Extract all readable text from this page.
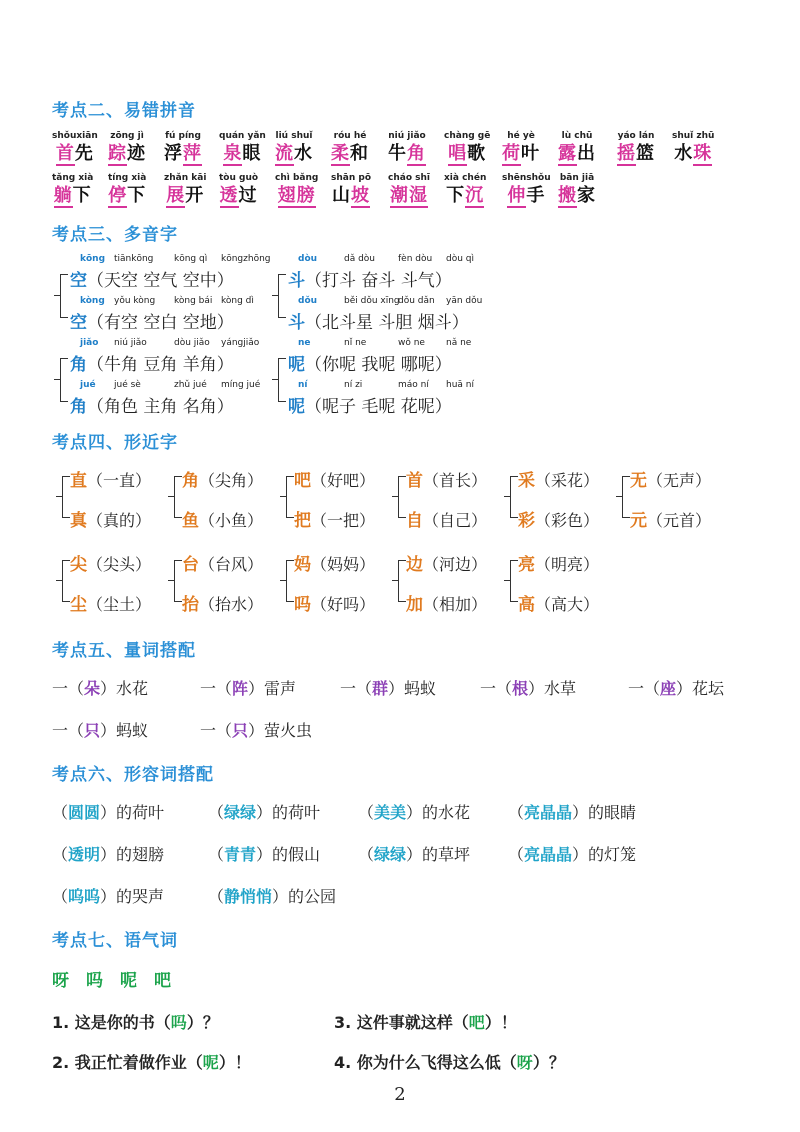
考点二、易错拼音
考点三、多音字
考点四、形近字
考点五、量词搭配
考点六、形容词搭配
考点七、语气词
shǒuxiān
首先
zōng jì
踪迹
fú píng
浮萍
quán yǎn
泉眼
liú shuǐ
流水
róu hé
柔和
niú jiǎo
牛角
chàng gē
唱歌
hé yè
荷叶
lù chū
露出
yáo lán
摇篮
shuǐ zhū
水珠
tǎng xià
躺下
tíng xià
停下
zhǎn kāi
展开
tòu guò
透过
chì bǎng
翅膀
shān pō
山坡
cháo shī
潮湿
xià chén
下沉
shēnshǒu
伸手
bān jiā
搬家
kōng tiānkōng kōng qì kōngzhōng
空（天空 空气 空中）
kòng yǒu kòng kòng bái kòng dì
空（有空 空白 空地）
dòu	dǎ dòu	fèn dòu dòu qì
斗（打斗 奋斗 斗气）
dǒu	běi dǒu xīng
dǒu dǎn yān dǒu
斗（北斗星 斗胆 烟斗）
jiǎo niú jiǎo	dòu jiǎo yángjiǎo
角（牛角 豆角 羊角）
jué jué sè	zhǔ jué míng jué
角（角色 主角 名角）
ne	nǐ ne	wǒ ne nǎ ne
呢（你呢 我呢 哪呢）
ní	ní zi	máo ní huā ní
呢（呢子 毛呢 花呢）
直（一直）
真（真的）
角（尖角）
鱼（小鱼）
吧（好吧）
把（一把）
首（首长）
自（自己）
采（采花）
彩（彩色）
无（无声）
元（元首）
尖（尖头）
尘（尘土）
台（台风）
抬（抬水）
妈（妈妈）
吗（好吗）
边（河边）
加（相加）
亮（明亮）
高（高大）
一（朵）水花	一（阵）雷声	一（群）蚂蚁	一（根）水草	一（座）花坛
一（只）蚂蚁	一（只）萤火虫
（圆圆）的荷叶	（绿绿）的荷叶 （美美）的水花 （亮晶晶）的眼睛
（透明）的翅膀	（青青）的假山 （绿绿）的草坪 （亮晶晶）的灯笼
（呜呜）的哭声	（静悄悄）的公园
呀　吗　呢　吧
1. 这是你的书（吗）？	3. 这件事就这样（吧）！
2. 我正忙着做作业（呢）！	4. 你为什么飞得这么低（呀）？
2
